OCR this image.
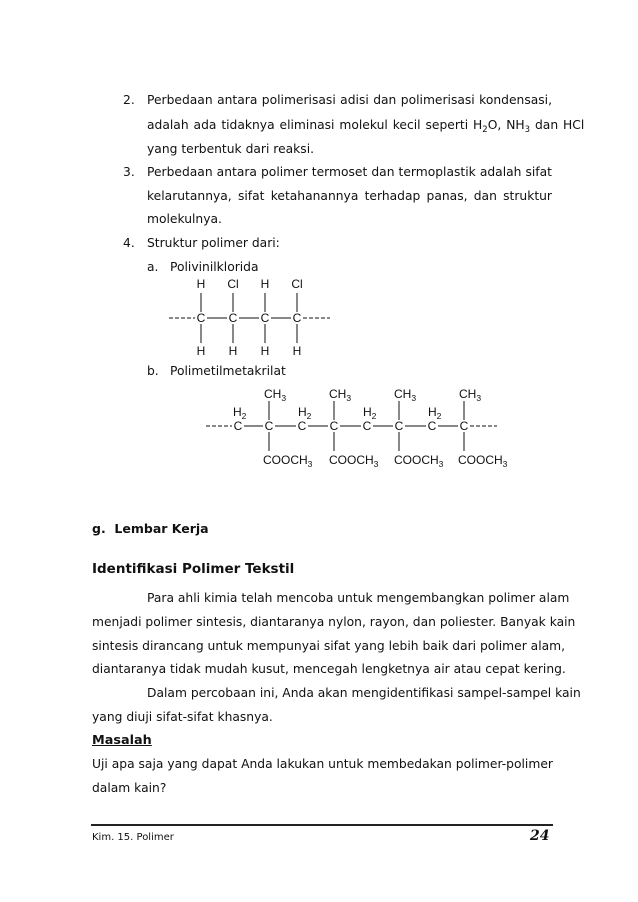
2. Perbedaan antara polimerisasi adisi dan polimerisasi kondensasi,
adalah ada tidaknya eliminasi molekul kecil seperti $H_2O$, $NH_3$ dan HCl
yang terbentuk dari reaksi.
3. Perbedaan antara polimer termoset dan termoplastik adalah sifat
kelarutannya, sifat ketahanannya terhadap panas, dan struktur
molekulnya.
4. Struktur polimer dari:
a. Polivinilklorida
H Cl H Cl
C C C C
H H H H
b. Polimetilmetakrilat
$CH_3$	$CH_3$	$CH_3$	$CH_3$
$H_2$	$H_2$	$H_2$	$H_2$
C C C C C C C C
$COOCH_3$ $COOCH_3$ $COOCH_3$ $COOCH_3$
g. Lembar Kerja
Identifikasi Polimer Tekstil
Para ahli kimia telah mencoba untuk mengembangkan polimer alam
menjadi polimer sintesis, diantaranya nylon, rayon, dan poliester. Banyak kain
sintesis dirancang untuk mempunyai sifat yang lebih baik dari polimer alam,
diantaranya tidak mudah kusut, mencegah lengketnya air atau cepat kering.
Dalam percobaan ini, Anda akan mengidentifikasi sampel-sampel kain
yang diuji sifat-sifat khasnya.
Masalah
Uji apa saja yang dapat Anda lakukan untuk membedakan polimer-polimer
dalam kain?
Kim. 15. Polimer	24
